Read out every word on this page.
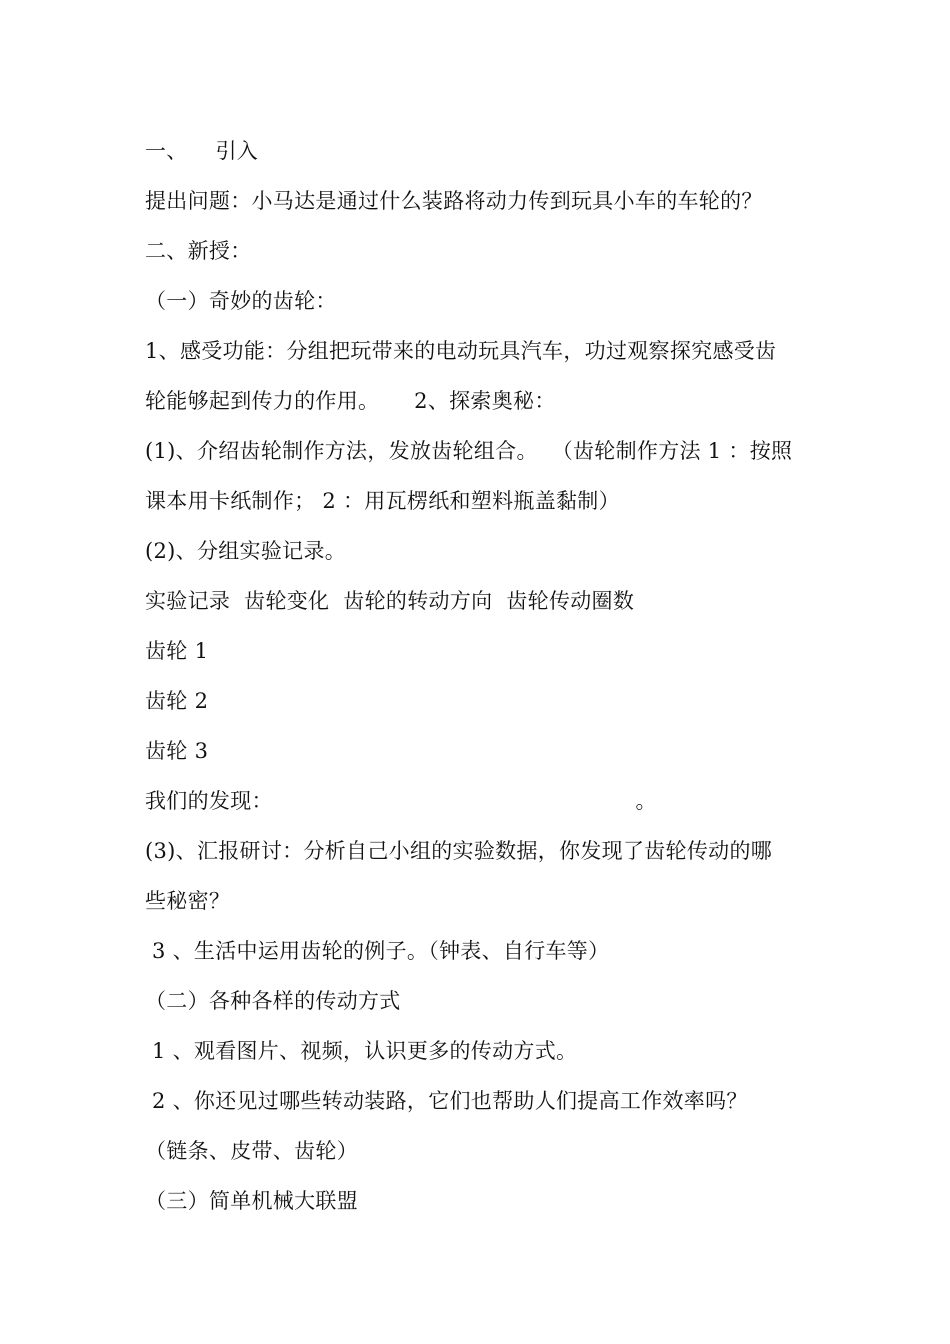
一、    引入
提出问题：小马达是通过什么装路将动力传到玩具小车的车轮的？
二、新授：
（一）奇妙的齿轮：
1、感受功能：分组把玩带来的电动玩具汽车，功过观察探究感受齿
轮能够起到传力的作用。     2、探索奥秘：
(1)、介绍齿轮制作方法，发放齿轮组合。  （齿轮制作方法 1 ：按照
课本用卡纸制作； 2 ：用瓦楞纸和塑料瓶盖黏制）
(2)、分组实验记录。
实验记录  齿轮变化  齿轮的转动方向  齿轮传动圈数
齿轮 1
齿轮 2
齿轮 3
我们的发现：                                                    。
(3)、汇报研讨：分析自己小组的实验数据，你发现了齿轮传动的哪
些秘密？
3 、生活中运用齿轮的例子。（钟表、自行车等）
（二）各种各样的传动方式
1 、观看图片、视频，认识更多的传动方式。
2 、你还见过哪些转动装路，它们也帮助人们提高工作效率吗？
（链条、皮带、齿轮）
（三）简单机械大联盟
